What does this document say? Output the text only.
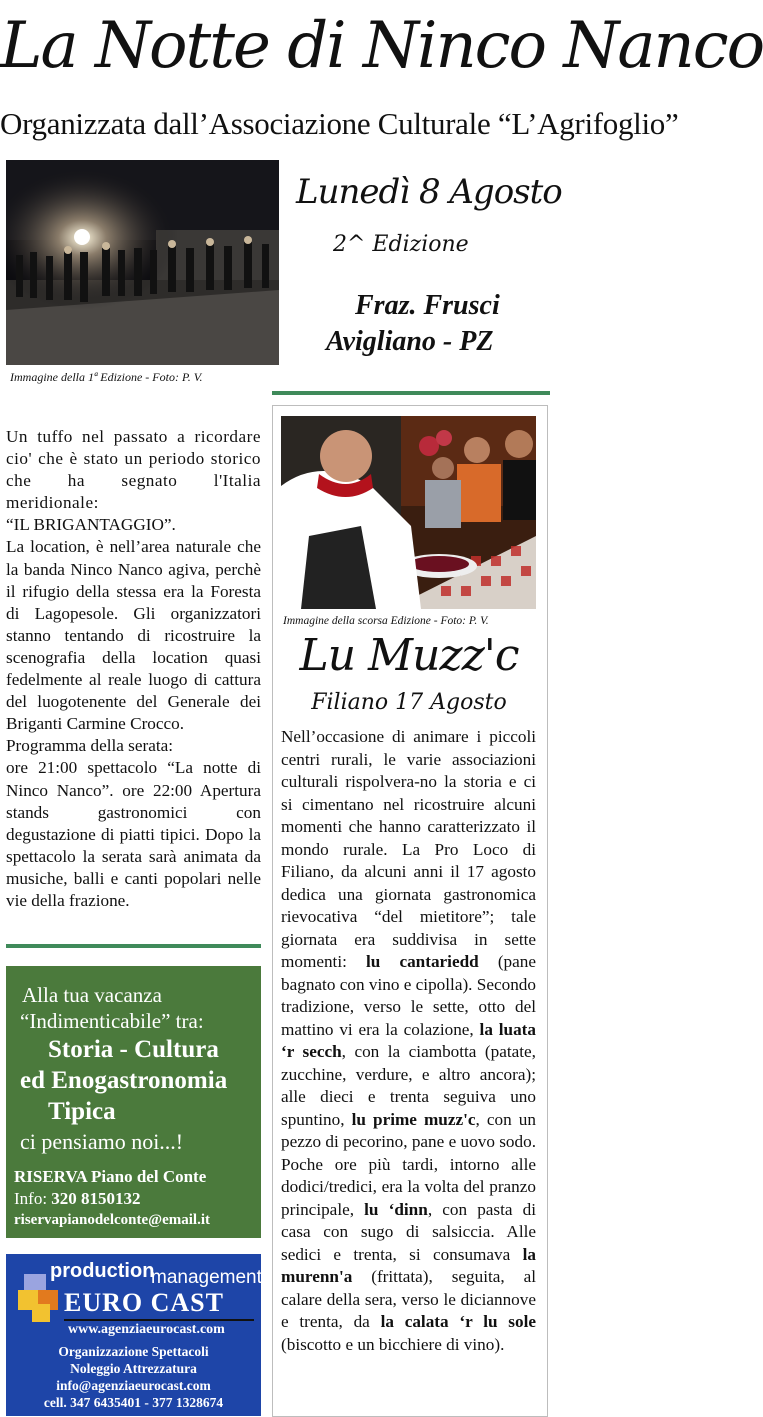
La Notte di Ninco Nanco
Organizzata dall’Associazione Culturale “L’Agrifoglio”
Immagine della 1ª Edizione - Foto: P. V.
Lunedì 8 Agosto
2^ Edizione
Fraz. Frusci
Avigliano - PZ

Un tuffo nel passato a ricordare cio' che è stato un periodo storico che ha segnato l'Italia meridionale:

“IL BRIGANTAGGIO”.

La location, è nell’area naturale che la banda Ninco Nanco agiva, perchè il rifugio della stessa era la Foresta di Lagopesole. Gli organizzatori stanno tentando di ricostruire la scenografia della location quasi fedelmente al reale luogo di cattura del luogotenente del Generale dei Briganti Carmine Crocco.

Programma della serata:

ore 21:00 spettacolo “La notte di Ninco Nanco”. ore 22:00 Apertura stands gastronomici con degustazione di piatti tipici. Dopo la spettacolo la serata sarà animata da musiche, balli e canti popolari nelle vie della frazione.

Immagine della scorsa Edizione - Foto: P. V.
Lu Muzz'c
Filiano 17 Agosto
Nell’occasione di animare i piccoli centri rurali, le varie associazioni culturali rispolvera-no la storia e ci si cimentano nel ricostruire alcuni momenti che hanno caratterizzato il mondo rurale. La Pro Loco di Filiano, da alcuni anni il 17 agosto dedica una giornata gastronomica rievocativa “del mietitore”; tale giornata era suddivisa in sette momenti: lu cantariedd (pane bagnato con vino e cipolla). Secondo tradizione, verso le sette, otto del mattino vi era la colazione, la luata ‘r secch, con la ciambotta (patate, zucchine, verdure, e altro ancora); alle dieci e trenta seguiva uno spuntino, lu prime muzz'c, con un pezzo di pecorino, pane e uovo sodo. Poche ore più tardi, intorno alle dodici/tredici, era la volta del pranzo principale, lu ‘dinn, con pasta di casa con sugo di salsiccia. Alle sedici e trenta, si consumava la murenn'a (frittata), seguita, al calare della sera, verso le diciannove e trenta, da la calata ‘r lu sole (biscotto e un bicchiere di vino).
Alla tua vacanza
“Indimenticabile” tra:
Storia - Cultura
ed Enogastronomia
Tipica
ci pensiamo noi...!
RISERVA Piano del Conte
Info: 320 8150132
riservapianodelconte@email.it
production
management
EURO CAST
www.agenziaeurocast.com
Organizzazione Spettacoli
Noleggio Attrezzatura
info@agenziaeurocast.com
cell. 347 6435401 - 377 1328674
